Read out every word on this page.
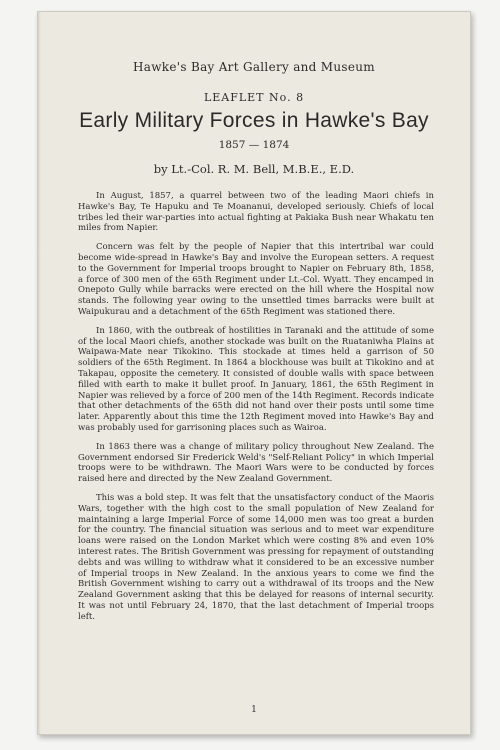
Hawke's Bay Art Gallery and Museum
LEAFLET No. 8
Early Military Forces in Hawke's Bay
1857 — 1874
by Lt.-Col. R. M. Bell, M.B.E., E.D.

In August, 1857, a quarrel between two of the leading Maori chiefs in Hawke's Bay, Te Hapuku and Te Moananui, developed seriously. Chiefs of local tribes led their war-parties into actual fighting at Pakiaka Bush near Whakatu ten miles from Napier.

Concern was felt by the people of Napier that this intertribal war could become wide-spread in Hawke's Bay and involve the European setters. A request to the Government for Imperial troops brought to Napier on February 8th, 1858, a force of 300 men of the 65th Regiment under Lt.-Col. Wyatt. They encamped in Onepoto Gully while barracks were erected on the hill where the Hospital now stands. The following year owing to the unsettled times barracks were built at Waipukurau and a detachment of the 65th Regiment was stationed there.

In 1860, with the outbreak of hostilities in Taranaki and the attitude of some of the local Maori chiefs, another stockade was built on the Ruataniwha Plains at Waipawa-Mate near Tikokino. This stockade at times held a garrison of 50 soldiers of the 65th Regiment. In 1864 a blockhouse was built at Tikokino and at Takapau, opposite the cemetery. It consisted of double walls with space between filled with earth to make it bullet proof. In January, 1861, the 65th Regiment in Napier was relieved by a force of 200 men of the 14th Regiment. Records indicate that other detachments of the 65th did not hand over their posts until some time later. Apparently about this time the 12th Regiment moved into Hawke's Bay and was probably used for garrisoning places such as Wairoa.

In 1863 there was a change of military policy throughout New Zealand. The Government endorsed Sir Frederick Weld's "Self-Reliant Policy" in which Imperial troops were to be withdrawn. The Maori Wars were to be conducted by forces raised here and directed by the New Zealand Government.

This was a bold step. It was felt that the unsatisfactory conduct of the Maoris Wars, together with the high cost to the small population of New Zealand for maintaining a large Imperial Force of some 14,000 men was too great a burden for the country. The financial situation was serious and to meet war expenditure loans were raised on the London Market which were costing 8% and even 10% interest rates. The British Government was pressing for repayment of outstanding debts and was willing to withdraw what it considered to be an excessive number of Imperial troops in New Zealand. In the anxious years to come we find the British Government wishing to carry out a withdrawal of its troops and the New Zealand Government asking that this be delayed for reasons of internal security. It was not until February 24, 1870, that the last detachment of Imperial troops left.

1
